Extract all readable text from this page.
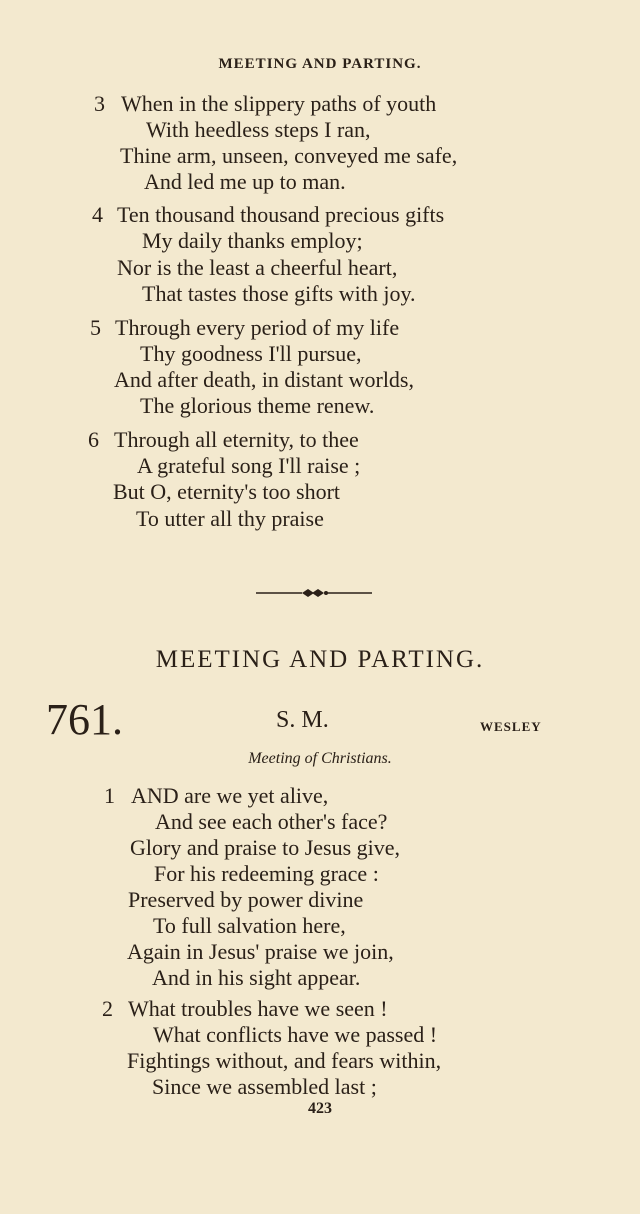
MEETING AND PARTING.
3 When in the slippery paths of youth
With heedless steps I ran,
Thine arm, unseen, conveyed me safe,
And led me up to man.
4 Ten thousand thousand precious gifts
My daily thanks employ;
Nor is the least a cheerful heart,
That tastes those gifts with joy.
5 Through every period of my life
Thy goodness I'll pursue,
And after death, in distant worlds,
The glorious theme renew.
6 Through all eternity, to thee
A grateful song I'll raise ;
But O, eternity's too short
To utter all thy praise
MEETING AND PARTING.
761.	S. M.	WESLEY
Meeting of Christians.
1 AND are we yet alive,
And see each other's face?
Glory and praise to Jesus give,
For his redeeming grace :
Preserved by power divine
To full salvation here,
Again in Jesus' praise we join,
And in his sight appear.
2 What troubles have we seen !
What conflicts have we passed !
Fightings without, and fears within,
Since we assembled last ;
423
